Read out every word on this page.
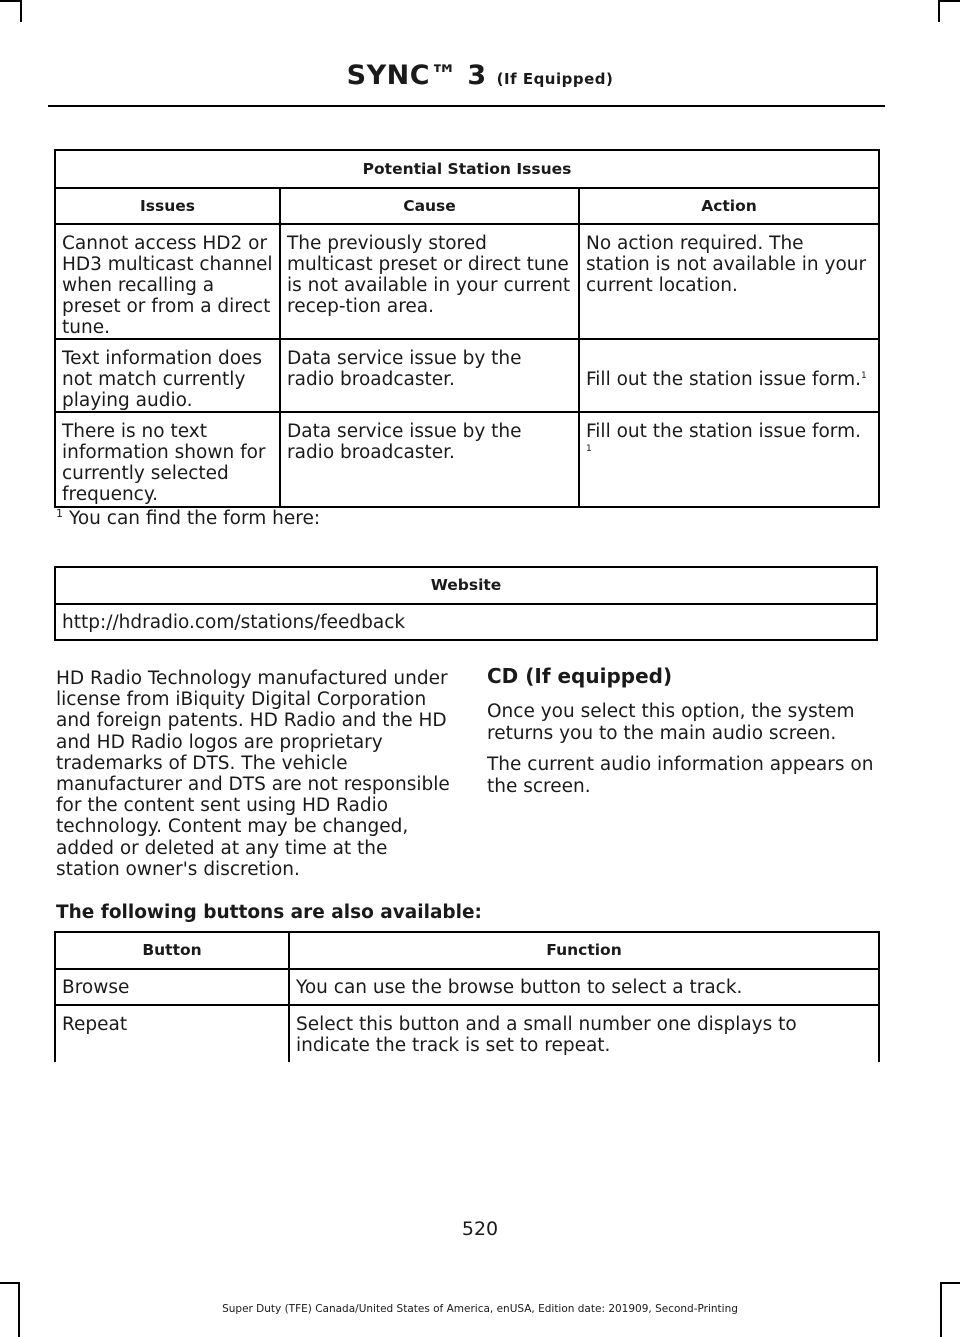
SYNC™ 3 (If Equipped)
Potential Station Issues		
Issues	Cause	Action
Cannot access HD2 or HD3 multicast channel when recalling a preset or from a direct tune.	The previously stored multicast preset or direct tune is not available in your current recep-tion area.	No action required. The station is not available in your current location.
Text information does not match currently playing audio.	Data service issue by the radio broadcaster.	Fill out the station issue form.$^1$
There is no text information shown for currently selected frequency.	Data service issue by the radio broadcaster.	Fill out the station issue form.
$^1$
$^1$ You can find the form here:
Website
http://hdradio.com/stations/feedback
HD Radio Technology manufactured under license from iBiquity Digital Corporation and foreign patents. HD Radio and the HD and HD Radio logos are proprietary trademarks of DTS. The vehicle manufacturer and DTS are not responsible for the content sent using HD Radio technology. Content may be changed, added or deleted at any time at the station owner's discretion.
CD (If equipped)

Once you select this option, the system returns you to the main audio screen.

The current audio information appears on the screen.

The following buttons are also available:
Button	Function
Browse	You can use the browse button to select a track.
Repeat	Select this button and a small number one displays to indicate the track is set to repeat.
520
Super Duty (TFE) Canada/United States of America, enUSA, Edition date: 201909, Second-Printing
